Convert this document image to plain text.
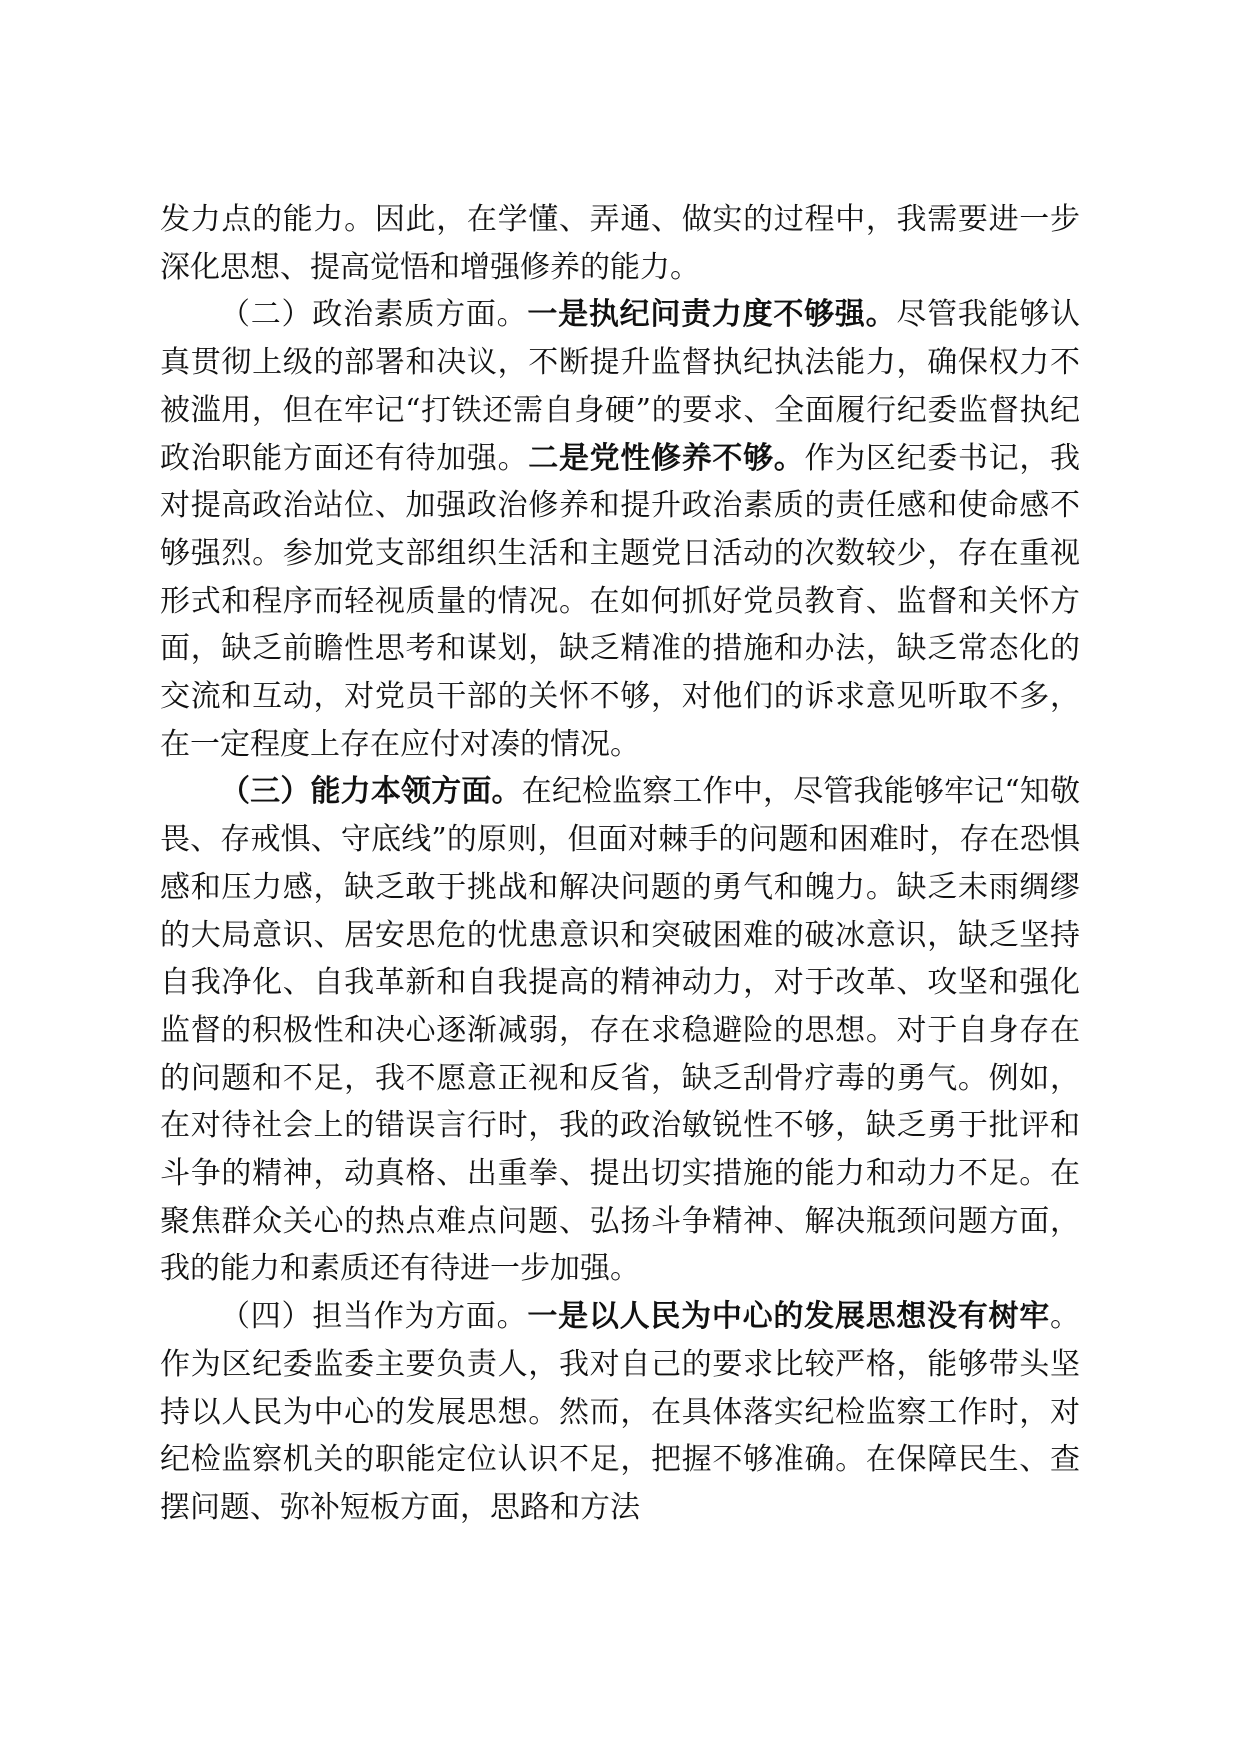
发力点的能力。因此，在学懂、弄通、做实的过程中，我需要进一步深化思想、提高觉悟和增强修养的能力。

（二）政治素质方面。一是执纪问责力度不够强。尽管我能够认真贯彻上级的部署和决议，不断提升监督执纪执法能力，确保权力不被滥用，但在牢记“打铁还需自身硬”的要求、全面履行纪委监督执纪政治职能方面还有待加强。二是党性修养不够。作为区纪委书记，我对提高政治站位、加强政治修养和提升政治素质的责任感和使命感不够强烈。参加党支部组织生活和主题党日活动的次数较少，存在重视形式和程序而轻视质量的情况。在如何抓好党员教育、监督和关怀方面，缺乏前瞻性思考和谋划，缺乏精准的措施和办法，缺乏常态化的交流和互动，对党员干部的关怀不够，对他们的诉求意见听取不多，在一定程度上存在应付对凑的情况。

（三）能力本领方面。在纪检监察工作中，尽管我能够牢记“知敬畏、存戒惧、守底线”的原则，但面对棘手的问题和困难时，存在恐惧感和压力感，缺乏敢于挑战和解决问题的勇气和魄力。缺乏未雨绸缪的大局意识、居安思危的忧患意识和突破困难的破冰意识，缺乏坚持自我净化、自我革新和自我提高的精神动力，对于改革、攻坚和强化监督的积极性和决心逐渐减弱，存在求稳避险的思想。对于自身存在的问题和不足，我不愿意正视和反省，缺乏刮骨疗毒的勇气。例如，在对待社会上的错误言行时，我的政治敏锐性不够，缺乏勇于批评和斗争的精神，动真格、出重拳、提出切实措施的能力和动力不足。在聚焦群众关心的热点难点问题、弘扬斗争精神、解决瓶颈问题方面，我的能力和素质还有待进一步加强。

（四）担当作为方面。一是以人民为中心的发展思想没有树牢。作为区纪委监委主要负责人，我对自己的要求比较严格，能够带头坚持以人民为中心的发展思想。然而，在具体落实纪检监察工作时，对纪检监察机关的职能定位认识不足，把握不够准确。在保障民生、查摆问题、弥补短板方面，思路和方法
